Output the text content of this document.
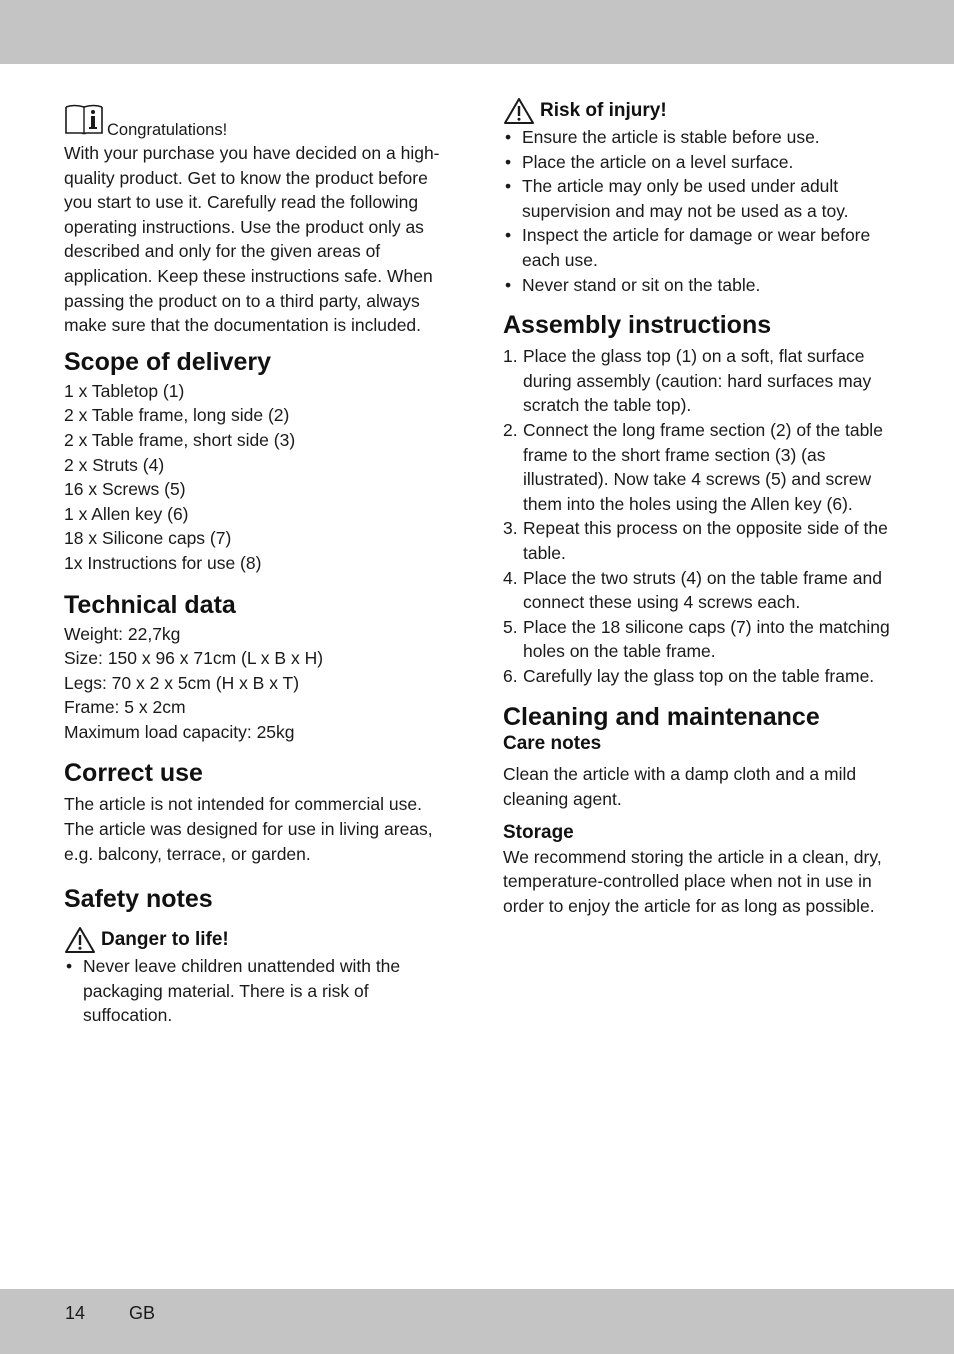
Congratulations!

With your purchase you have decided on a high-quality product. Get to know the product before you start to use it. Carefully read the following operating instructions. Use the product only as described and only for the given areas of application. Keep these instructions safe. When passing the product on to a third party, always make sure that the documentation is included.

Scope of delivery
1 x Tabletop (1)
2 x Table frame, long side (2)
2 x Table frame, short side (3)
2 x Struts (4)
16 x Screws (5)
1 x Allen key (6)
18 x Silicone caps (7)
1x Instructions for use (8)
Technical data
Weight: 22,7kg
Size: 150 x 96 x 71cm (L x B x H)
Legs: 70 x 2 x 5cm (H x B x T)
Frame: 5 x 2cm
Maximum load capacity: 25kg
Correct use

The article is not intended for commercial use. The article was designed for use in living areas, e.g. balcony, terrace, or garden.

Safety notes
Danger to life!
• Never leave children unattended with the packaging material. There is a risk of suffocation.
Risk of injury!
• Ensure the article is stable before use.
• Place the article on a level surface.
• The article may only be used under adult supervision and may not be used as a toy.
• Inspect the article for damage or wear before each use.
• Never stand or sit on the table.
Assembly instructions
1. Place the glass top (1) on a soft, flat surface during assembly (caution: hard surfaces may scratch the table top).
2. Connect the long frame section (2) of the table frame to the short frame section (3) (as illustrated). Now take 4 screws (5) and screw them into the holes using the Allen key (6).
3. Repeat this process on the opposite side of the table.
4. Place the two struts (4) on the table frame and connect these using 4 screws each.
5. Place the 18 silicone caps (7) into the matching holes on the table frame.
6. Carefully lay the glass top on the table frame.
Cleaning and maintenance
Care notes

Clean the article with a damp cloth and a mild cleaning agent.

Storage

We recommend storing the article in a clean, dry, temperature-controlled place when not in use in order to enjoy the article for as long as possible.

14 GB
